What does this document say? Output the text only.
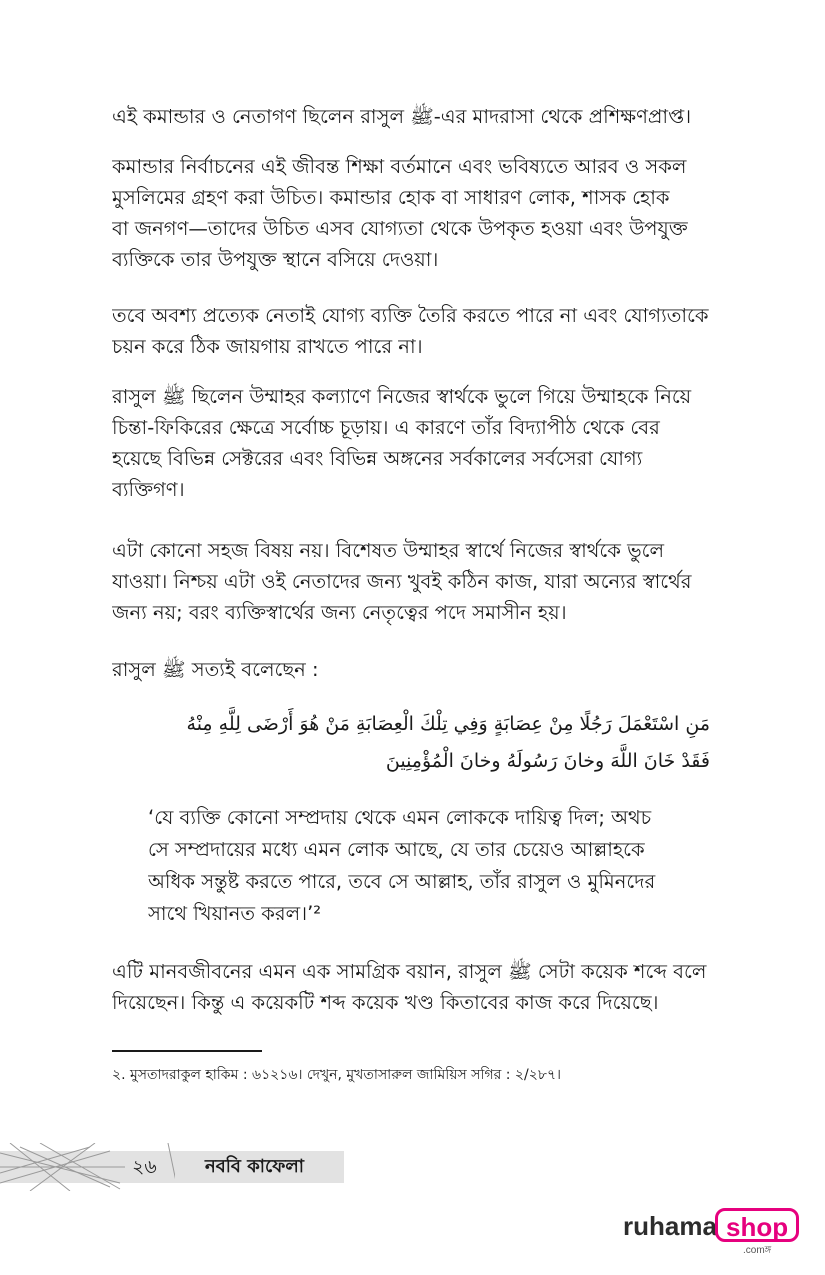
এই কমান্ডার ও নেতাগণ ছিলেন রাসুল ﷺ-এর মাদরাসা থেকে প্রশিক্ষণপ্রাপ্ত।

কমান্ডার নির্বাচনের এই জীবন্ত শিক্ষা বর্তমানে এবং ভবিষ্যতে আরব ও সকল
মুসলিমের গ্রহণ করা উচিত। কমান্ডার হোক বা সাধারণ লোক, শাসক হোক
বা জনগণ—তাদের উচিত এসব যোগ্যতা থেকে উপকৃত হওয়া এবং উপযুক্ত
ব্যক্তিকে তার উপযুক্ত স্থানে বসিয়ে দেওয়া।

তবে অবশ্য প্রত্যেক নেতাই যোগ্য ব্যক্তি তৈরি করতে পারে না এবং যোগ্যতাকে
চয়ন করে ঠিক জায়গায় রাখতে পারে না।

রাসুল ﷺ ছিলেন উম্মাহর কল্যাণে নিজের স্বার্থকে ভুলে গিয়ে উম্মাহকে নিয়ে
চিন্তা-ফিকিরের ক্ষেত্রে সর্বোচ্চ চূড়ায়। এ কারণে তাঁর বিদ্যাপীঠ থেকে বের
হয়েছে বিভিন্ন সেক্টরের এবং বিভিন্ন অঙ্গনের সর্বকালের সর্বসেরা যোগ্য
ব্যক্তিগণ।

এটা কোনো সহজ বিষয় নয়। বিশেষত উম্মাহর স্বার্থে নিজের স্বার্থকে ভুলে
যাওয়া। নিশ্চয় এটা ওই নেতাদের জন্য খুবই কঠিন কাজ, যারা অন্যের স্বার্থের
জন্য নয়; বরং ব্যক্তিস্বার্থের জন্য নেতৃত্বের পদে সমাসীন হয়।

রাসুল ﷺ সত্যই বলেছেন :

مَنِ اسْتَعْمَلَ رَجُلًا مِنْ عِصَابَةٍ وَفِي تِلْكَ الْعِصَابَةِ مَنْ هُوَ أَرْضَى لِلَّهِ مِنْهُ
فَقَدْ خَانَ اللَّهَ وخانَ رَسُولَهُ وخانَ الْمُؤْمِنِينَ

‘যে ব্যক্তি কোনো সম্প্রদায় থেকে এমন লোককে দায়িত্ব দিল; অথচ
সে সম্প্রদায়ের মধ্যে এমন লোক আছে, যে তার চেয়েও আল্লাহকে
অধিক সন্তুষ্ট করতে পারে, তবে সে আল্লাহ, তাঁর রাসুল ও মুমিনদের
সাথে খিয়ানত করল।’²

এটি মানবজীবনের এমন এক সামগ্রিক বয়ান, রাসুল ﷺ সেটা কয়েক শব্দে বলে
দিয়েছেন। কিন্তু এ কয়েকটি শব্দ কয়েক খণ্ড কিতাবের কাজ করে দিয়েছে।

২. মুসতাদরাকুল হাকিম : ৬১২১৬। দেখুন, মুখতাসারুল জামিয়িস সগির : ২/২৮৭।
২৬	নববি কাফেলা
ruhama shop
.comঙ্গ
